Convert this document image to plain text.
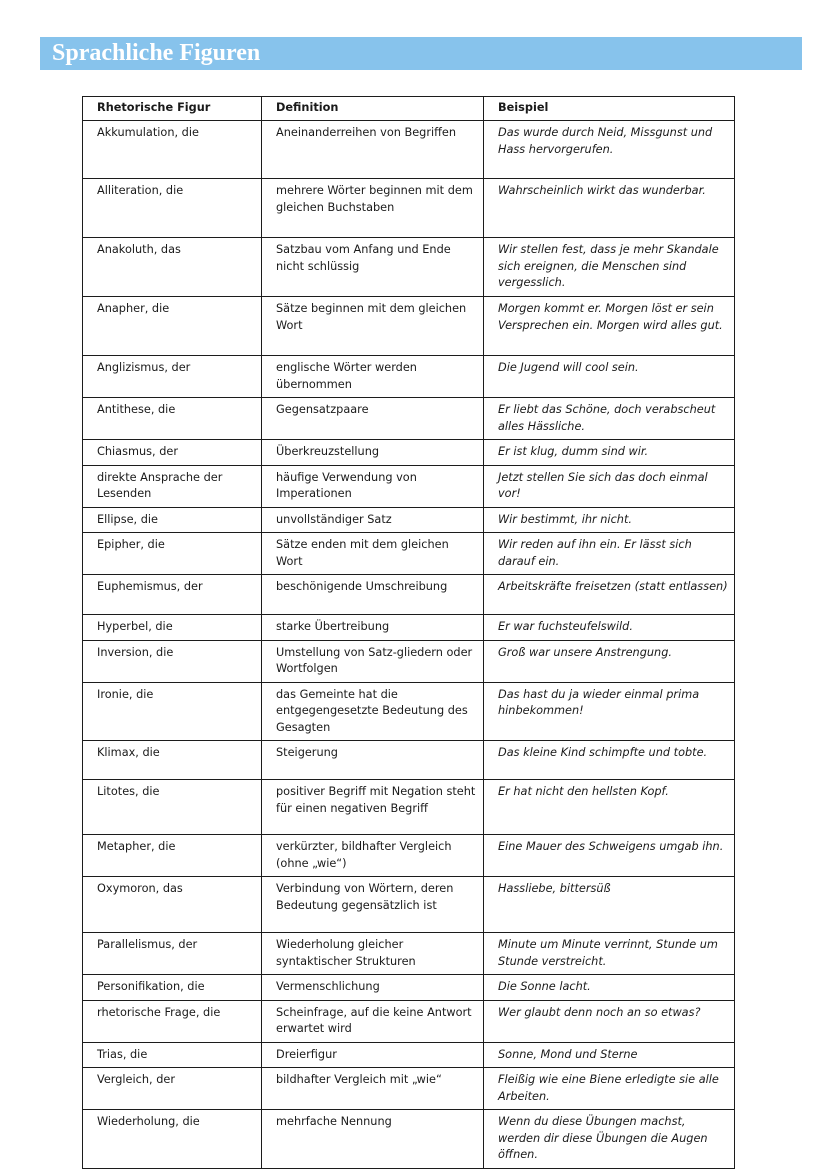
Sprachliche Figuren
Rhetorische Figur	Definition	Beispiel
Akkumulation, die	Aneinanderreihen von Begriffen	Das wurde durch Neid, Missgunst und Hass hervorgerufen.
Alliteration, die	mehrere Wörter beginnen mit dem gleichen Buchstaben	Wahrscheinlich wirkt das wunderbar.
Anakoluth, das	Satzbau vom Anfang und Ende nicht schlüssig	Wir stellen fest, dass je mehr Skandale sich ereignen, die Menschen sind vergesslich.
Anapher, die	Sätze beginnen mit dem gleichen Wort	Morgen kommt er. Morgen löst er sein Versprechen ein. Morgen wird alles gut.
Anglizismus, der	englische Wörter werden übernommen	Die Jugend will cool sein.
Antithese, die	Gegensatzpaare	Er liebt das Schöne, doch verabscheut alles Hässliche.
Chiasmus, der	Überkreuzstellung	Er ist klug, dumm sind wir.
direkte Ansprache der Lesenden	häufige Verwendung von Imperationen	Jetzt stellen Sie sich das doch einmal vor!
Ellipse, die	unvollständiger Satz	Wir bestimmt, ihr nicht.
Epipher, die	Sätze enden mit dem gleichen Wort	Wir reden auf ihn ein. Er lässt sich darauf ein.
Euphemismus, der	beschönigende Umschreibung	Arbeitskräfte freisetzen (statt entlassen)
Hyperbel, die	starke Übertreibung	Er war fuchsteufelswild.
Inversion, die	Umstellung von Satz-gliedern oder Wortfolgen	Groß war unsere Anstrengung.
Ironie, die	das Gemeinte hat die entgegengesetzte Bedeutung des Gesagten	Das hast du ja wieder einmal prima hinbekommen!
Klimax, die	Steigerung	Das kleine Kind schimpfte und tobte.
Litotes, die	positiver Begriff mit Negation steht für einen negativen Begriff	Er hat nicht den hellsten Kopf.
Metapher, die	verkürzter, bildhafter Vergleich (ohne „wie“)	Eine Mauer des Schweigens umgab ihn.
Oxymoron, das	Verbindung von Wörtern, deren Bedeutung gegensätzlich ist	Hassliebe, bittersüß
Parallelismus, der	Wiederholung gleicher syntaktischer Strukturen	Minute um Minute verrinnt, Stunde um Stunde verstreicht.
Personifikation, die	Vermenschlichung	Die Sonne lacht.
rhetorische Frage, die	Scheinfrage, auf die keine Antwort erwartet wird	Wer glaubt denn noch an so etwas?
Trias, die	Dreierfigur	Sonne, Mond und Sterne
Vergleich, der	bildhafter Vergleich mit „wie“	Fleißig wie eine Biene erledigte sie alle Arbeiten.
Wiederholung, die	mehrfache Nennung	Wenn du diese Übungen machst, werden dir diese Übungen die Augen öffnen.
